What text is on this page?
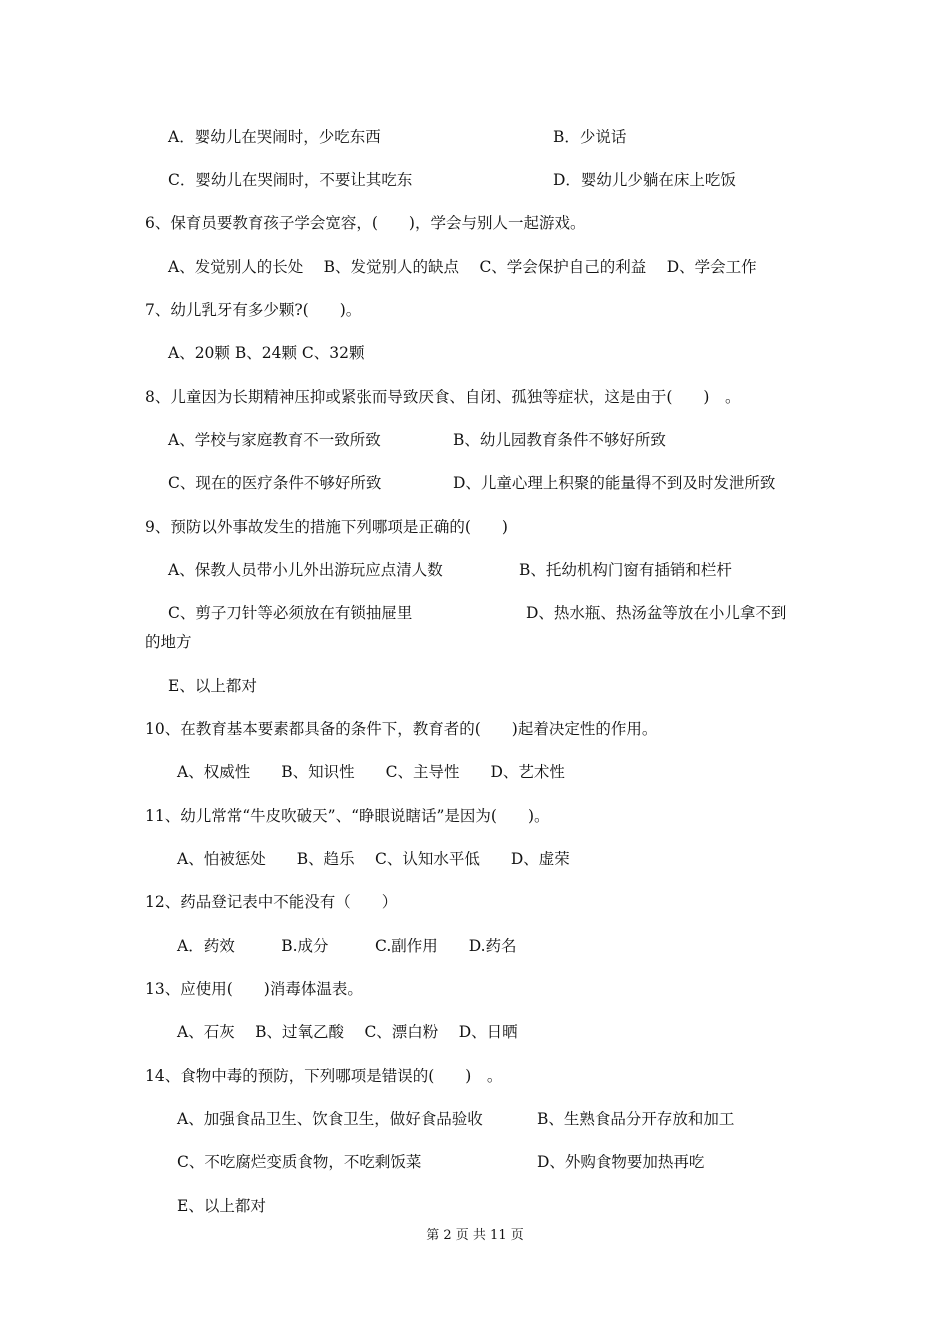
A．婴幼儿在哭闹时，少吃东西	B．少说话
C．婴幼儿在哭闹时，不要让其吃东	D．婴幼儿少躺在床上吃饭
6、保育员要教育孩子学会宽容，(　　)，学会与别人一起游戏。
A、发觉别人的长处　 B、发觉别人的缺点　 C、学会保护自己的利益　 D、学会工作
7、幼儿乳牙有多少颗?(　　)。
A、20颗 B、24颗 C、32颗
8、儿童因为长期精神压抑或紧张而导致厌食、自闭、孤独等症状，这是由于(　　)　。
A、学校与家庭教育不一致所致	B、幼儿园教育条件不够好所致
C、现在的医疗条件不够好所致	D、儿童心理上积聚的能量得不到及时发泄所致
9、预防以外事故发生的措施下列哪项是正确的(　　)
A、保教人员带小儿外出游玩应点清人数	B、托幼机构门窗有插销和栏杆
C、剪子刀针等必须放在有锁抽屉里	D、热水瓶、热汤盆等放在小儿拿不到
的地方
E、以上都对
10、在教育基本要素都具备的条件下，教育者的(　　)起着决定性的作用。
A、权威性　　B、知识性　　C、主导性　　D、艺术性
11、幼儿常常“牛皮吹破天”、“睁眼说瞎话”是因为(　　)。
A、怕被惩处　　B、趋乐　 C、认知水平低　　D、虚荣
12、药品登记表中不能没有（　　）
A．药效　　　B.成分　　　C.副作用　　D.药名
13、应使用(　　)消毒体温表。
A、石灰　 B、过氧乙酸　 C、漂白粉　 D、日晒
14、食物中毒的预防，下列哪项是错误的(　　)　。
A、加强食品卫生、饮食卫生，做好食品验收	B、生熟食品分开存放和加工
C、不吃腐烂变质食物，不吃剩饭菜	D、外购食物要加热再吃
E、以上都对
第 2 页 共 11 页
